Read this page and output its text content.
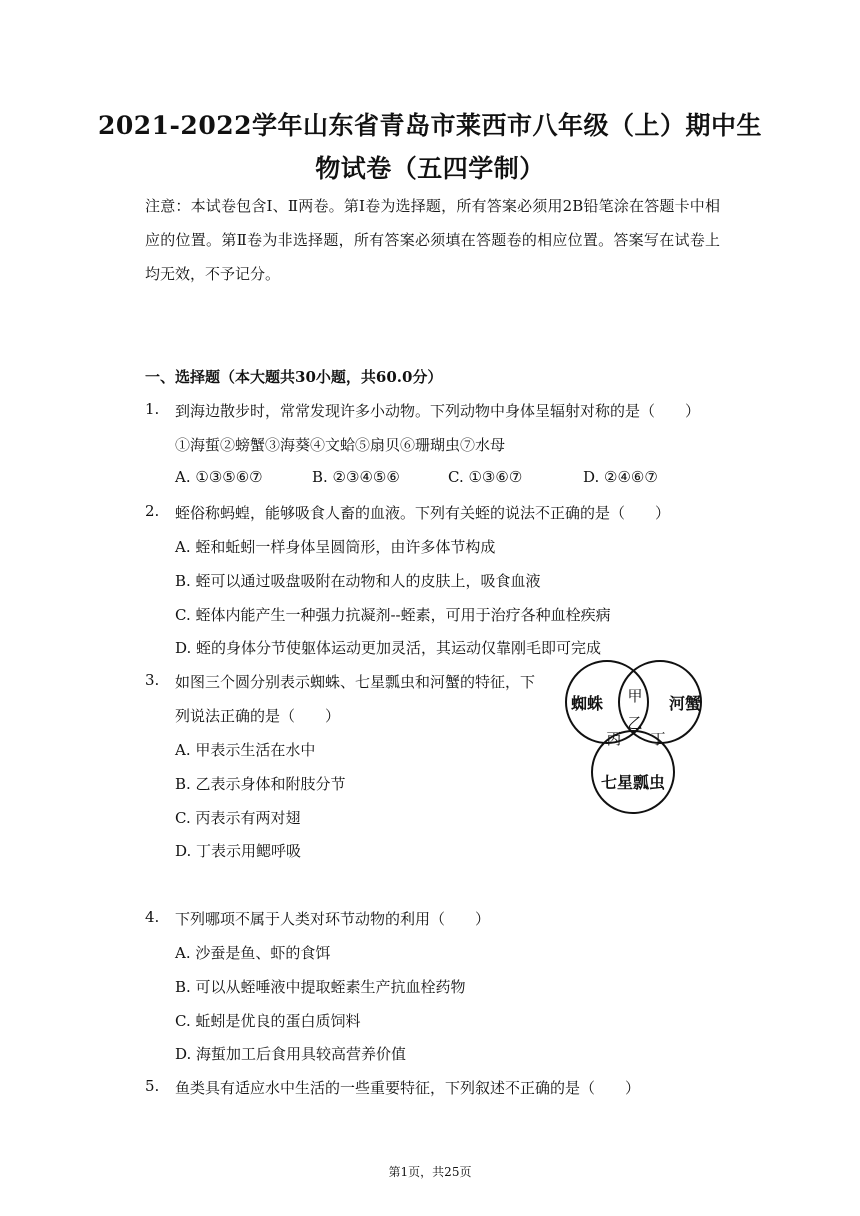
2021-2022学年山东省青岛市莱西市八年级（上）期中生
物试卷（五四学制）
注意：本试卷包含Ⅰ、Ⅱ两卷。第Ⅰ卷为选择题，所有答案必须用2B铅笔涂在答题卡中相应的位置。第Ⅱ卷为非选择题，所有答案必须填在答题卷的相应位置。答案写在试卷上均无效，不予记分。
一、选择题（本大题共30小题，共60.0分）
1. 到海边散步时，常常发现许多小动物。下列动物中身体呈辐射对称的是（　　）
①海蜇②螃蟹③海葵④文蛤⑤扇贝⑥珊瑚虫⑦水母
A. ①③⑤⑥⑦	B. ②③④⑤⑥	C. ①③⑥⑦	D. ②④⑥⑦
2. 蛭俗称蚂蝗，能够吸食人畜的血液。下列有关蛭的说法不正确的是（　　）
A. 蛭和蚯蚓一样身体呈圆筒形，由许多体节构成
B. 蛭可以通过吸盘吸附在动物和人的皮肤上，吸食血液
C. 蛭体内能产生一种强力抗凝剂--蛭素，可用于治疗各种血栓疾病
D. 蛭的身体分节使躯体运动更加灵活，其运动仅靠刚毛即可完成
3. 如图三个圆分别表示蜘蛛、七星瓢虫和河蟹的特征，下
列说法正确的是（　　）
A. 甲表示生活在水中
B. 乙表示身体和附肢分节
C. 丙表示有两对翅
D. 丁表示用鳃呼吸
蜘蛛	河蟹
七星瓢虫
甲
乙
丙 丁
4. 下列哪项不属于人类对环节动物的利用（　　）
A. 沙蚕是鱼、虾的食饵
B. 可以从蛭唾液中提取蛭素生产抗血栓药物
C. 蚯蚓是优良的蛋白质饲料
D. 海蜇加工后食用具较高营养价值
5. 鱼类具有适应水中生活的一些重要特征，下列叙述不正确的是（　　）
第1页，共25页
